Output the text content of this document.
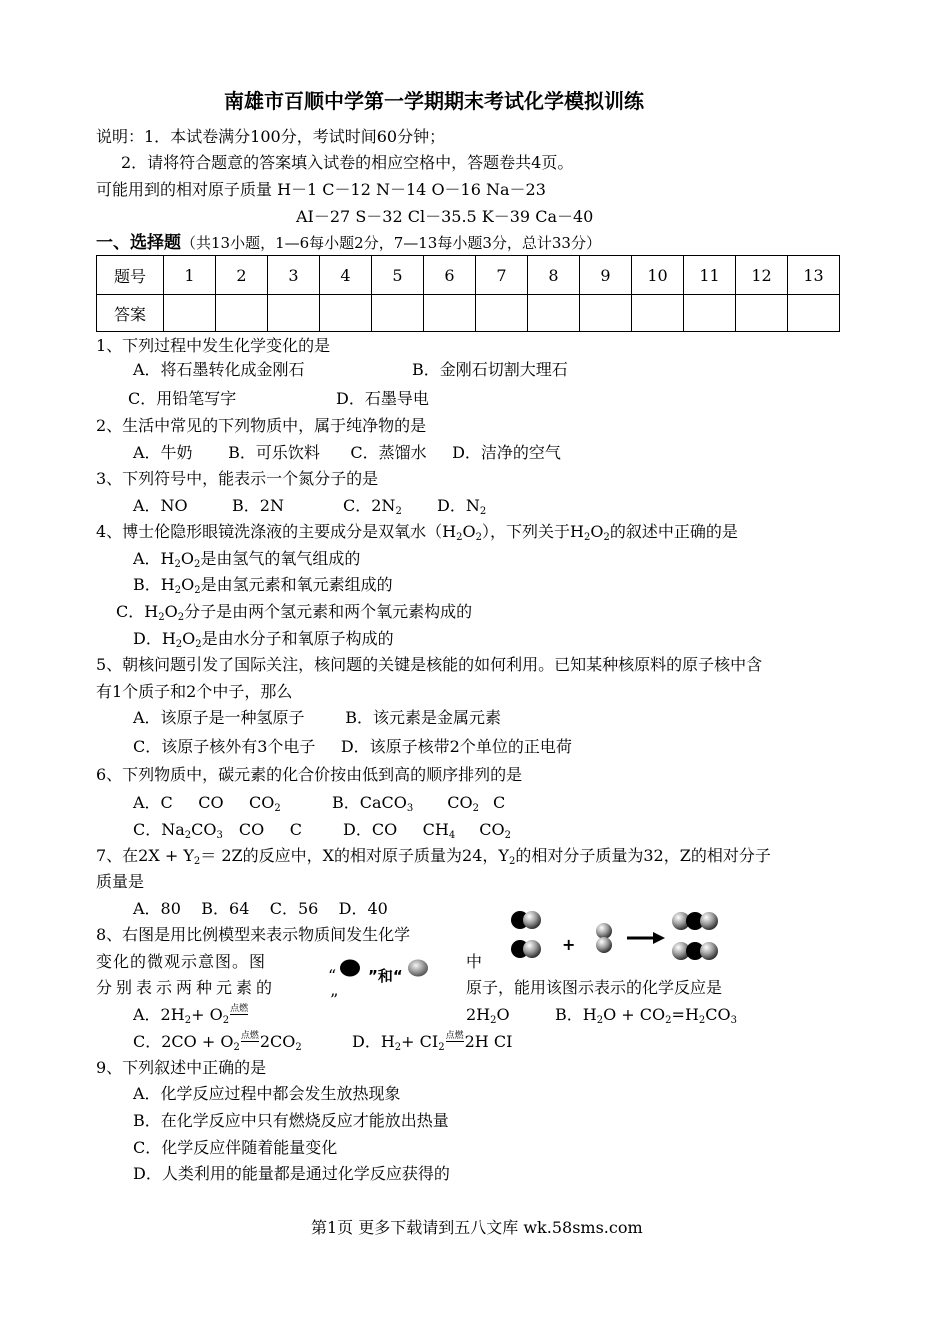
南雄市百顺中学第一学期期末考试化学模拟训练
说明：1．本试卷满分100分，考试时间60分钟；
2．请将符合题意的答案填入试卷的相应空格中，答题卷共4页。
可能用到的相对原子质量 H－1 C－12 N－14 O－16 Na－23
AI－27 S－32 Cl－35.5 K－39 Ca－40
一、选择题（共13小题，1—6每小题2分，7—13每小题3分，总计33分）
题号	1	2	3	4	5	6	7	8	9	10	11	12	13
答案													
1、下列过程中发生化学变化的是
A．将石墨转化成金刚石	B．金刚石切割大理石
C．用铅笔写字	D．石墨导电
2、生活中常见的下列物质中，属于纯净物的是
A．牛奶       B．可乐饮料      C．蒸馏水     D．洁净的空气
3、下列符号中，能表示一个氮分子的是
A．NO	B．2N	C．$2N_2$ D．$N_2$
4、博士伦隐形眼镜洗涤液的主要成分是双氧水$(H_2O_2)$，下列关于$H_2O_2$的叙述中正确的是
A．$H_2O_2$是由氢气的氧气组成的
B．$H_2O_2$是由氢元素和氧元素组成的
C．$H_2O_2$分子是由两个氢元素和两个氧元素构成的
D．$H_2O_2$是由水分子和氧原子构成的
5、朝核问题引发了国际关注，核问题的关键是核能的如何利用。已知某种核原料的原子核中含
有1个质子和2个中子，那么
A．该原子是一种氢原子        B．该元素是金属元素
C．该原子核外有3个电子     D．该原子核带2个单位的正电荷
6、下列物质中，碳元素的化合价按由低到高的顺序排列的是
A．C     CO     $CO_2$	B．CaCO$_3$ $CO_2$ C
C．$Na_2CO_3$ CO     C	D．CO     $CH_4$ $CO_2$
7、在$2X + Y_2= 2Z$的反应中，X的相对原子质量为24，$Y_2$的相对分子质量为32，Z的相对分子
质量是
A．80    B．64    C．56    D．40
8、右图是用比例模型来表示物质间发生化学
变化的微观示意图。图	中
分别表示两种元素的
“ ”和“
”
原子，能用该图示表示的化学反应是
+
A．$2H_2+ O_2$点燃	$2H_2O$	B．$H_2O + CO_2=H_2CO_3$
C．$2CO + O_2$点燃$2CO_2$	D．$H_2+ CI_2$点燃2H CI
9、下列叙述中正确的是
A．化学反应过程中都会发生放热现象
B．在化学反应中只有燃烧反应才能放出热量
C．化学反应伴随着能量变化
D．人类利用的能量都是通过化学反应获得的
第1页 更多下载请到五八文库 wk.58sms.com
